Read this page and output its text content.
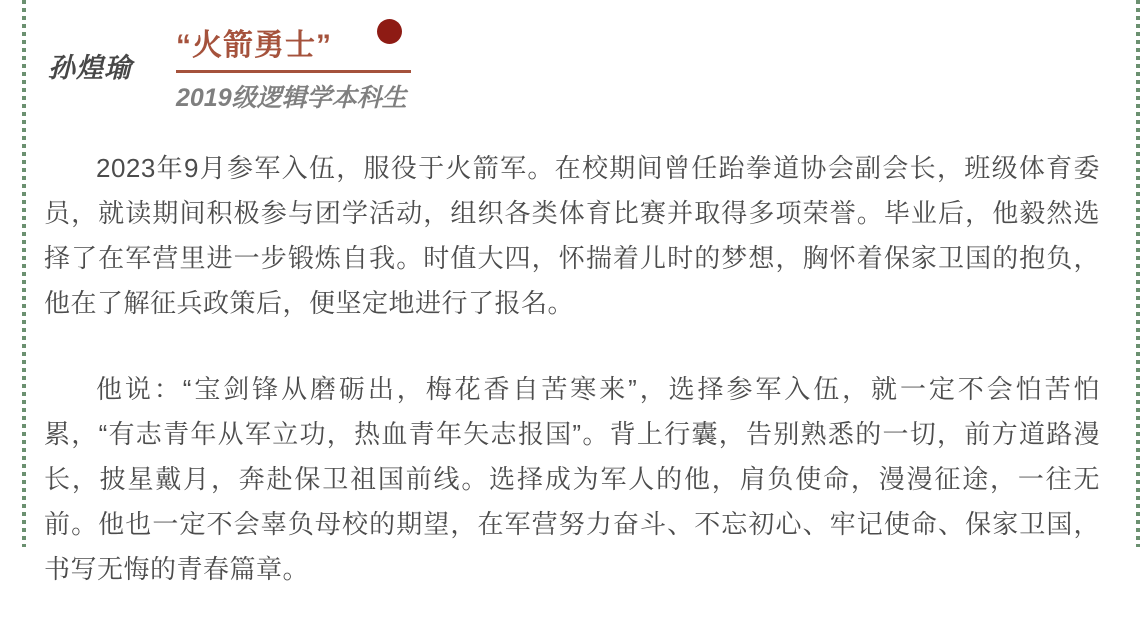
孙煌瑜
“火箭勇士”
2019级逻辑学本科生

2023年9月参军入伍，服役于火箭军。在校期间曾任跆拳道协会副会长，班级体育委员，就读期间积极参与团学活动，组织各类体育比赛并取得多项荣誉。毕业后，他毅然选择了在军营里进一步锻炼自我。时值大四，怀揣着儿时的梦想，胸怀着保家卫国的抱负，他在了解征兵政策后，便坚定地进行了报名。

他说：“宝剑锋从磨砺出，梅花香自苦寒来”，选择参军入伍，就一定不会怕苦怕累，“有志青年从军立功，热血青年矢志报国”。背上行囊，告别熟悉的一切，前方道路漫长，披星戴月，奔赴保卫祖国前线。选择成为军人的他，肩负使命，漫漫征途，一往无前。他也一定不会辜负母校的期望，在军营努力奋斗、不忘初心、牢记使命、保家卫国，书写无悔的青春篇章。
